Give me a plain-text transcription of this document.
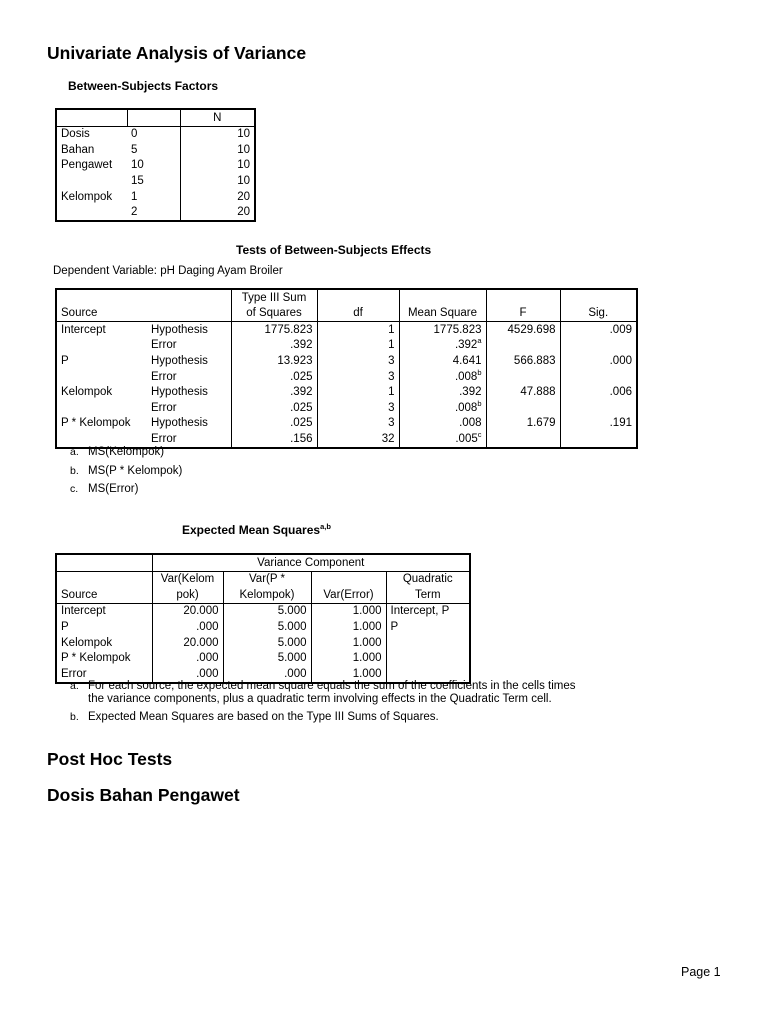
Univariate Analysis of Variance
Between-Subjects Factors
		N
Dosis	0	10
Bahan	5	10
Pengawet	10	10
	15	10
Kelompok	1	20
	2	20
Tests of Between-Subjects Effects
Dependent Variable: pH Daging Ayam Broiler
		Type III Sum				
Source		of Squares	df	Mean Square	F	Sig.
Intercept	Hypothesis	1775.823	1	1775.823	4529.698	.009
	Error	.392	1	.392$^a$		
P	Hypothesis	13.923	3	4.641	566.883	.000
	Error	.025	3	.008$^b$		
Kelompok	Hypothesis	.392	1	.392	47.888	.006
	Error	.025	3	.008$^b$		
P * Kelompok	Hypothesis	.025	3	.008	1.679	.191
	Error	.156	32	.005$^c$		
a. MS(Kelompok)
b. MS(P * Kelompok)
c. MS(Error)
Expected Mean Squares$^{a,b}$
	Variance Component			
	Var(Kelom	Var(P *		Quadratic
Source	pok)	Kelompok)	Var(Error)	Term
Intercept	20.000	5.000	1.000	Intercept, P
P	.000	5.000	1.000	P
Kelompok	20.000	5.000	1.000	
P * Kelompok	.000	5.000	1.000	
Error	.000	.000	1.000	
a. For each source, the expected mean square equals the sum of the coefficients in the cells times
the variance components, plus a quadratic term involving effects in the Quadratic Term cell.
b. Expected Mean Squares are based on the Type III Sums of Squares.
Post Hoc Tests
Dosis Bahan Pengawet
Page 1
